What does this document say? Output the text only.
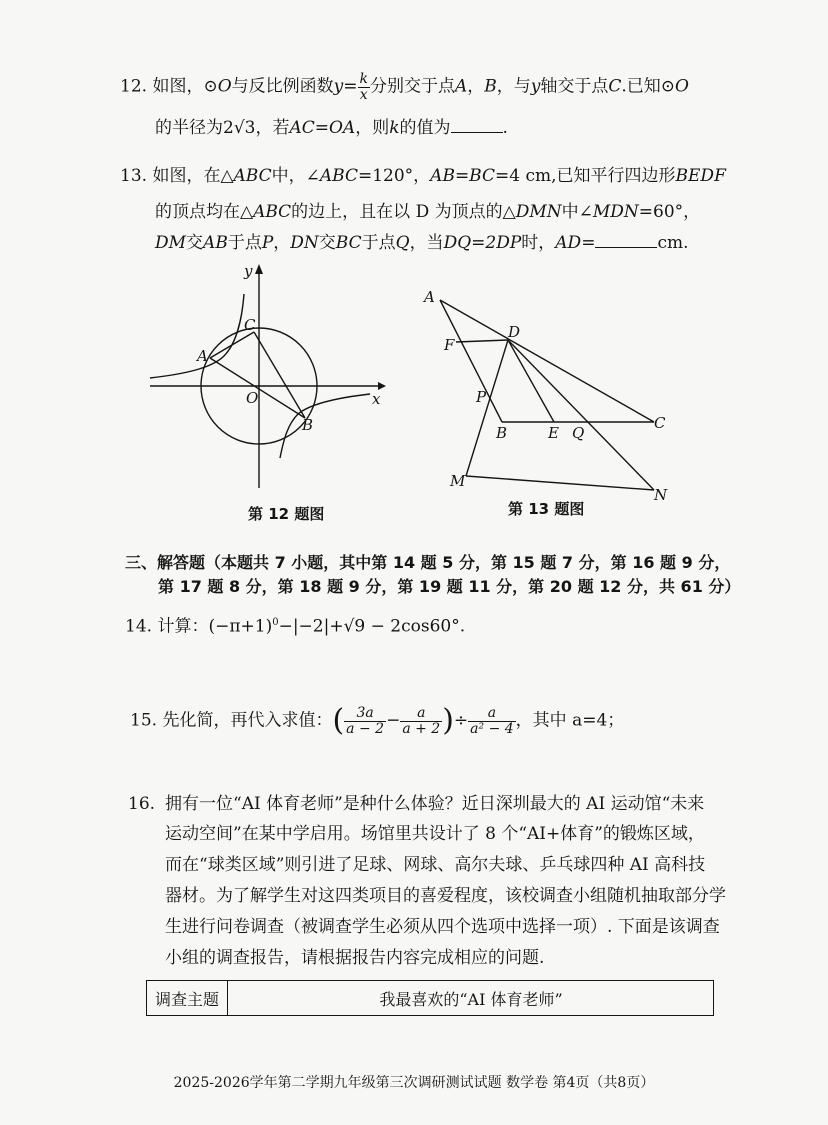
12. 如图，⊙O与反比例函数$y= \frac{k}{x}$ 分别交于点A，B，与y轴交于点C.已知⊙O
的半径为2√3，若AC=OA，则k的值为	.
13. 如图，在△ABC中，∠ABC=120°，AB=BC=4 cm,已知平行四边形BEDF
的顶点均在△ABC的边上，且在以 D 为顶点的△DMN中∠MDN=60°，
DM交AB于点P，DN交BC于点Q，当DQ=2DP时，AD=	cm.
y
x
C
A
O
B
第 12 题图
A
D
F
P
B	E Q
C
M
N
第 13 题图
三、解答题（本题共 7 小题，其中第 14 题 5 分，第 15 题 7 分，第 16 题 9 分，
第 17 题 8 分，第 18 题 9 分，第 19 题 11 分，第 20 题 12 分，共 61 分）
14. 计算：$(-\pi+1)^0-|-2|+√9 - 2\cos 60^\circ$.
15. 先化简，再代入求值：( $\frac{3a}{a - 2} - \frac{a}{a + 2}$ )÷ $\frac{a}{\text{a² − 4}}$ ，其中 a=4；
16. 拥有一位“AI 体育老师”是种什么体验？近日深圳最大的 AI 运动馆“未来
运动空间”在某中学启用。场馆里共设计了 8 个“AI+体育”的锻炼区域，
而在“球类区域”则引进了足球、网球、高尔夫球、乒乓球四种 AI 高科技
器材。为了解学生对这四类项目的喜爱程度，该校调查小组随机抽取部分学
生进行问卷调查（被调查学生必须从四个选项中选择一项）. 下面是该调查
小组的调查报告，请根据报告内容完成相应的问题.
调查主题	我最喜欢的“AI 体育老师”
2025-2026学年第二学期九年级第三次调研测试试题 数学卷 第4页（共8页）
